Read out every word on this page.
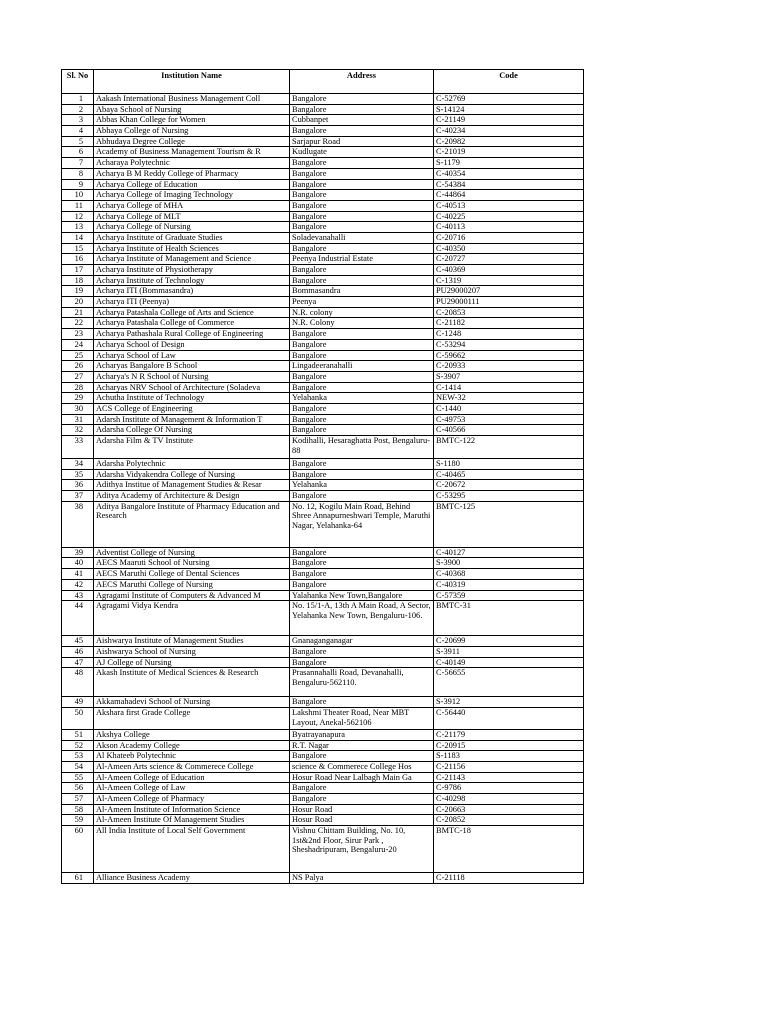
Sl. No	Institution Name	Address	Code
1	Aakash International Business Management Coll	Bangalore	C-52769
2	Abaya School of Nursing	Bangalore	S-14124
3	Abbas Khan College for Women	Cubbanpet	C-21149
4	Abhaya College of Nursing	Bangalore	C-40234
5	Abhudaya Degree College	Sarjapur Road	C-20982
6	Academy of Business Management Tourism & R	Kudlugate	C-21019
7	Acharaya Polytechnic	Bangalore	S-1179
8	Acharya B M Reddy College of Pharmacy	Bangalore	C-40354
9	Acharya College of Education	Bangalore	C-54384
10	Acharya College of Imaging Technology	Bangalore	C-44864
11	Acharya College of MHA	Bangalore	C-40513
12	Acharya College of MLT	Bangalore	C-40225
13	Acharya College of Nursing	Bangalore	C-40113
14	Acharya Institute of Graduate Studies	Soladevanahalli	C-20716
15	Acharya Institute of Health Sciences	Bangalore	C-40350
16	Acharya Institute of Management and Science	Peenya Industrial Estate	C-20727
17	Acharya Institute of Physiotherapy	Bangalore	C-40369
18	Acharya Institute of Technology	Bangalore	C-1319
19	Acharya ITI (Bommasandra)	Bommasandra	PU29000207
20	Acharya ITI (Peenya)	Peenya	PU29000111
21	Acharya Patashala College of Arts and Science	N.R. colony	C-20853
22	Acharya Patashala College of Commerce	N.R. Colony	C-21182
23	Acharya Pathashala Rural College of Engineering	Bangalore	C-1248
24	Acharya School of Design	Bangalore	C-53294
25	Acharya School of Law	Bangalore	C-59662
26	Acharyas Bangalore B School	Lingadeeranahalli	C-20933
27	Acharya's N R School of Nursing	Bangalore	S-3907
28	Acharyas NRV School of Architecture (Soladeva	Bangalore	C-1414
29	Achutha Institute of Technology	Yelahanka	NEW-32
30	ACS College of Engineering	Bangalore	C-1440
31	Adarsh Institute of Management & Information T	Bangalore	C-49753
32	Adarsha College Of Nursing	Bangalore	C-40566
33	Adarsha Film & TV Institute	Kodihalli, Hesaraghatta Post, Bengaluru-88	BMTC-122
34	Adarsha Polytechnic	Bangalore	S-1180
35	Adarsha Vidyakendra College of Nursing	Bangalore	C-40465
36	Adithya Institue of Management Studies & Resar	Yelahanka	C-20672
37	Aditya Academy of Architecture & Design	Bangalore	C-53295
38	Aditya Bangalore Institute of Pharmacy Education and Research	No. 12, Kogilu Main Road, Behind Shree Annapurneshwari Temple, Maruthi Nagar, Yelahanka-64	BMTC-125
39	Adventist College of Nursing	Bangalore	C-40127
40	AECS Maaruti School of Nursing	Bangalore	S-3900
41	AECS Maruthi College of Dental Sciences	Bangalore	C-40368
42	AECS Maruthi College of Nursing	Bangalore	C-40319
43	Agragami Institute of Computers & Advanced M	Yalahanka New Town,Bangalore	C-57359
44	Agragami Vidya Kendra	No. 15/1-A, 13th A Main Road, A Sector, Yelahanka New Town, Bengaluru-106.	BMTC-31
45	Aishwarya Institute of Management Studies	Gnanaganganagar	C-20699
46	Aishwarya School of Nursing	Bangalore	S-3911
47	AJ College of Nursing	Bangalore	C-40149
48	Akash Institute of Medical Sciences & Research	Prasannahalli Road, Devanahalli, Bengaluru-562110.	C-56655
49	Akkamahadevi School of Nursing	Bangalore	S-3912
50	Akshara first Grade College	Lakshmi Theater Road, Near MBT Layout, Anekal-562106	C-56440
51	Akshya College	Byatrayanapura	C-21179
52	Akson Academy College	R.T. Nagar	C-20915
53	Al Khateeb Polytechnic	Bangalore	S-1183
54	Al-Ameen Arts science & Commerece College	science & Commerece College Hos	C-21156
55	Al-Ameen College of Education	Hosur Road Near Lalbagh Main Ga	C-21143
56	Al-Ameen College of Law	Bangalore	C-9786
57	Al-Ameen College of Pharmacy	Bangalore	C-40298
58	Al-Ameen Institute of Information Science	Hosur Road	C-20663
59	Al-Ameen Institute Of Management Studies	Hosur Road	C-20852
60	All India Institute of Local Self Government	Vishnu Chittam Building, No. 10, 1st&2nd Floor, Sirur Park , Sheshadripuram, Bengaluru-20	BMTC-18
61	Alliance Business Academy	NS Palya	C-21118
